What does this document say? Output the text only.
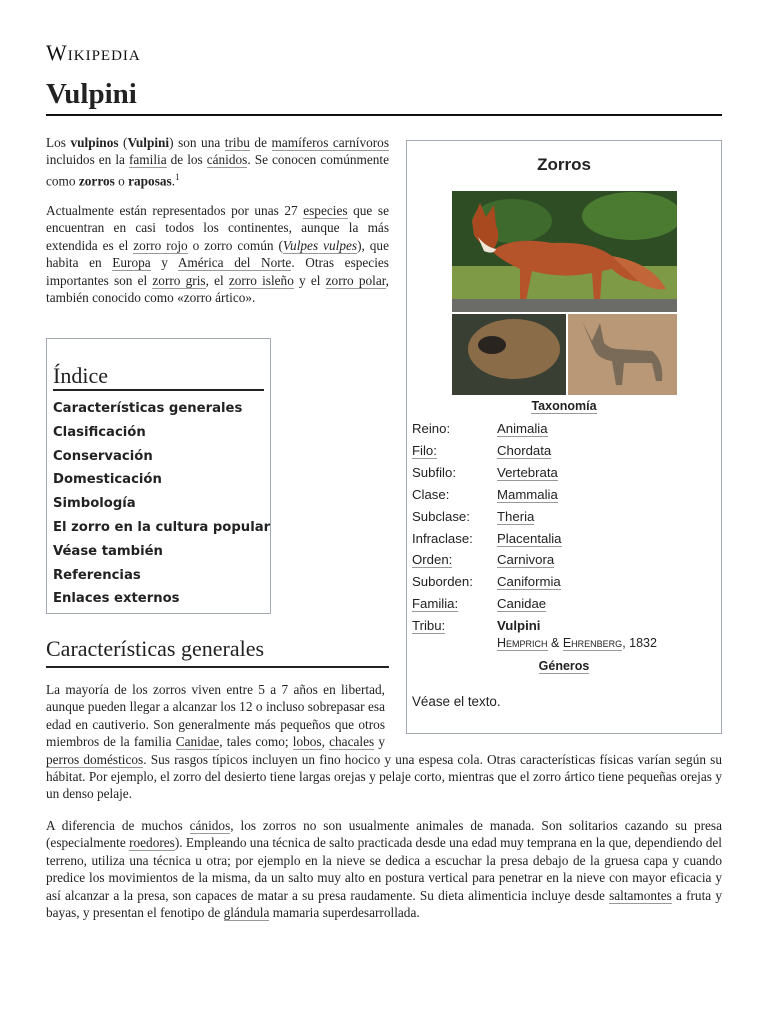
Wikipedia
Vulpini

Los vulpinos (Vulpini) son una tribu de mamíferos carnívoros incluidos en la familia de los cánidos. Se conocen comúnmente como zorros o raposas.$^1$

Actualmente están representados por unas 27 especies que se encuentran en casi todos los continentes, aunque la más extendida es el zorro rojo o zorro común (Vulpes vulpes), que habita en Europa y América del Norte. Otras especies importantes son el zorro gris, el zorro isleño y el zorro polar, también conocido como «zorro ártico».

Índice
Características generales
Clasificación
Conservación
Domesticación
Simbología
El zorro en la cultura popular
Véase también
Referencias
Enlaces externos
Características generales

La mayoría de los zorros viven entre 5 a 7 años en libertad, aunque pueden llegar a alcanzar los 12 o incluso sobrepasar esa edad en cautiverio. Son generalmente más pequeños que otros miembros de la familia Canidae, tales como; lobos, chacales y perros domésticos. Sus rasgos típicos incluyen un fino hocico y una espesa cola. Otras características físicas varían según su hábitat. Por ejemplo, el zorro del desierto tiene largas orejas y pelaje corto, mientras que el zorro ártico tiene pequeñas orejas y un denso pelaje.

A diferencia de muchos cánidos, los zorros no son usualmente animales de manada. Son solitarios cazando su presa (especialmente roedores). Empleando una técnica de salto practicada desde una edad muy temprana en la que, dependiendo del terreno, utiliza una técnica u otra; por ejemplo en la nieve se dedica a escuchar la presa debajo de la gruesa capa y cuando predice los movimientos de la misma, da un salto muy alto en postura vertical para penetrar en la nieve con mayor eficacia y así alcanzar a la presa, son capaces de matar a su presa raudamente. Su dieta alimenticia incluye desde saltamontes a fruta y bayas, y presentan el fenotipo de glándula mamaria superdesarrollada.

Zorros
Taxonomía
Reino:	Animalia
Filo:	Chordata
Subfilo:	Vertebrata
Clase:	Mammalia
Subclase: Theria
Infraclase: Placentalia
Orden:	Carnivora
Suborden: Caniformia
Familia:	Canidae
Tribu:	Vulpini
Hemprich & Ehrenberg, 1832
Géneros
Véase el texto.
